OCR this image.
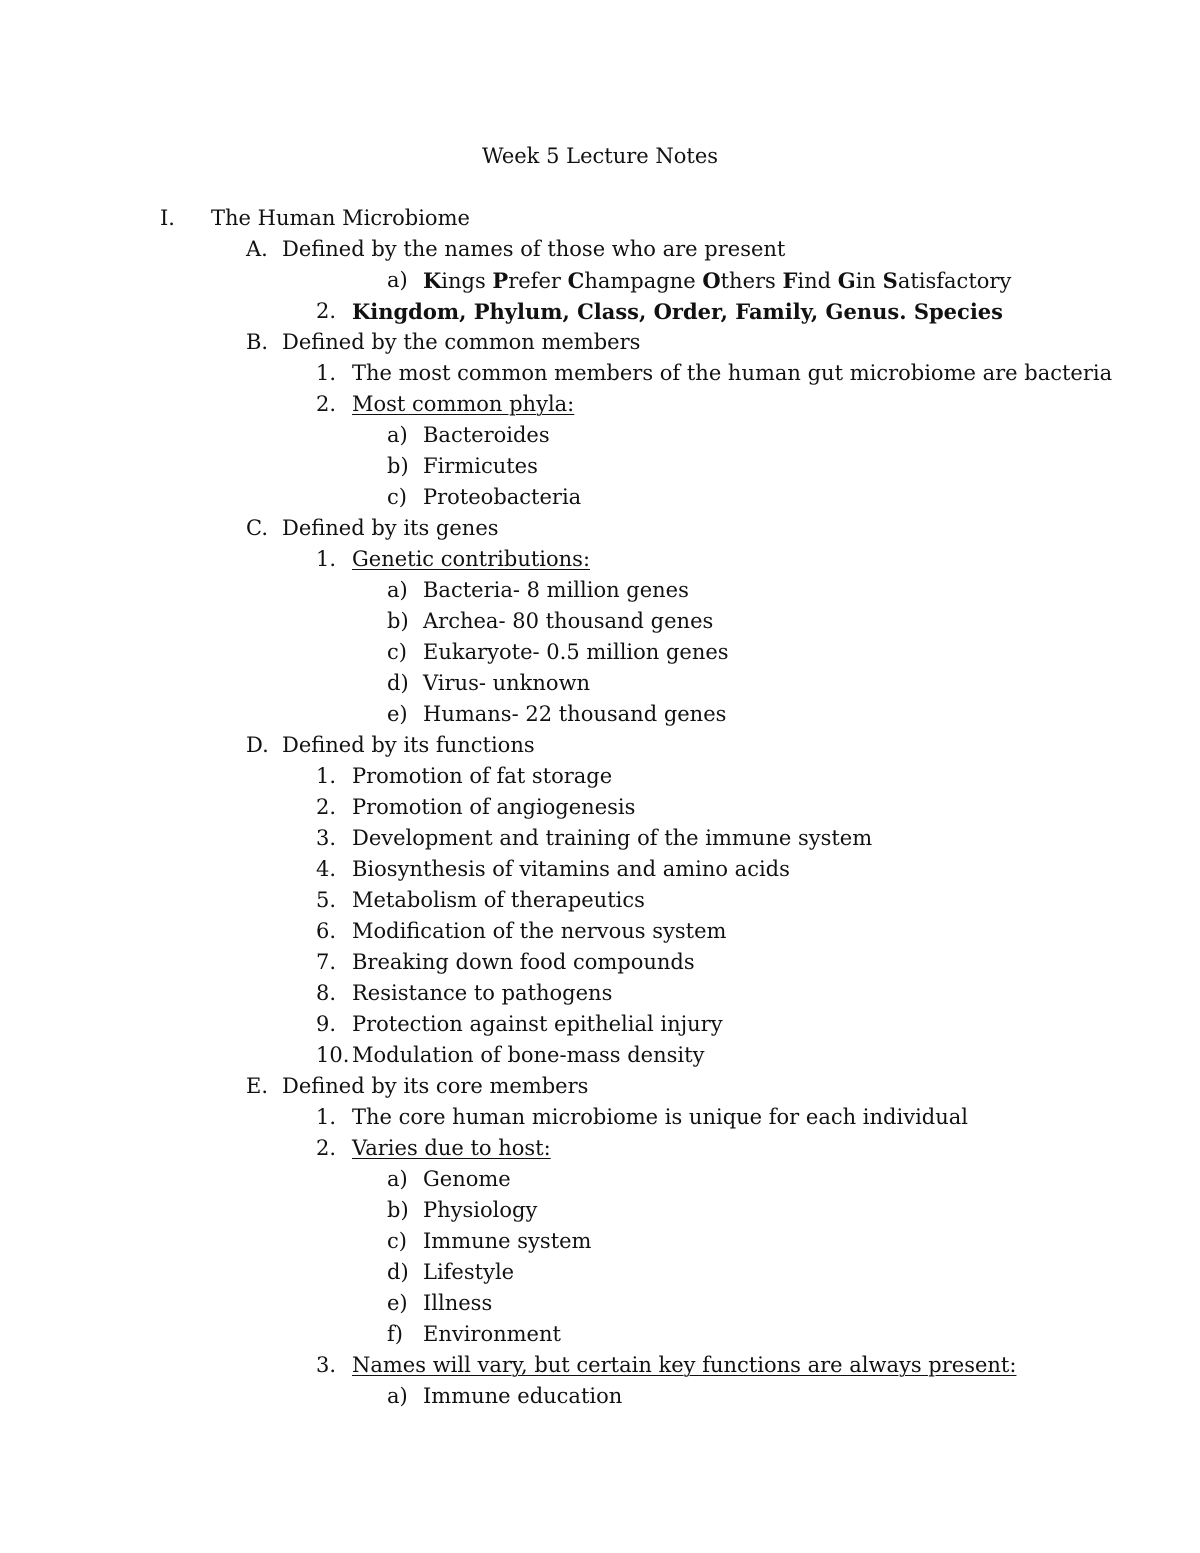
Week 5 Lecture Notes
I. The Human Microbiome
A. Defined by the names of those who are present
a) Kings Prefer Champagne Others Find Gin Satisfactory
2. Kingdom, Phylum, Class, Order, Family, Genus. Species
B. Defined by the common members
1. The most common members of the human gut microbiome are bacteria
2. Most common phyla:
a) Bacteroides
b) Firmicutes
c) Proteobacteria
C. Defined by its genes
1. Genetic contributions:
a) Bacteria- 8 million genes
b) Archea- 80 thousand genes
c) Eukaryote- 0.5 million genes
d) Virus- unknown
e) Humans- 22 thousand genes
D. Defined by its functions
1. Promotion of fat storage
2. Promotion of angiogenesis
3. Development and training of the immune system
4. Biosynthesis of vitamins and amino acids
5. Metabolism of therapeutics
6. Modification of the nervous system
7. Breaking down food compounds
8. Resistance to pathogens
9. Protection against epithelial injury
10. Modulation of bone-mass density
E. Defined by its core members
1. The core human microbiome is unique for each individual
2. Varies due to host:
a) Genome
b) Physiology
c) Immune system
d) Lifestyle
e) Illness
f) Environment
3. Names will vary, but certain key functions are always present:
a) Immune education
